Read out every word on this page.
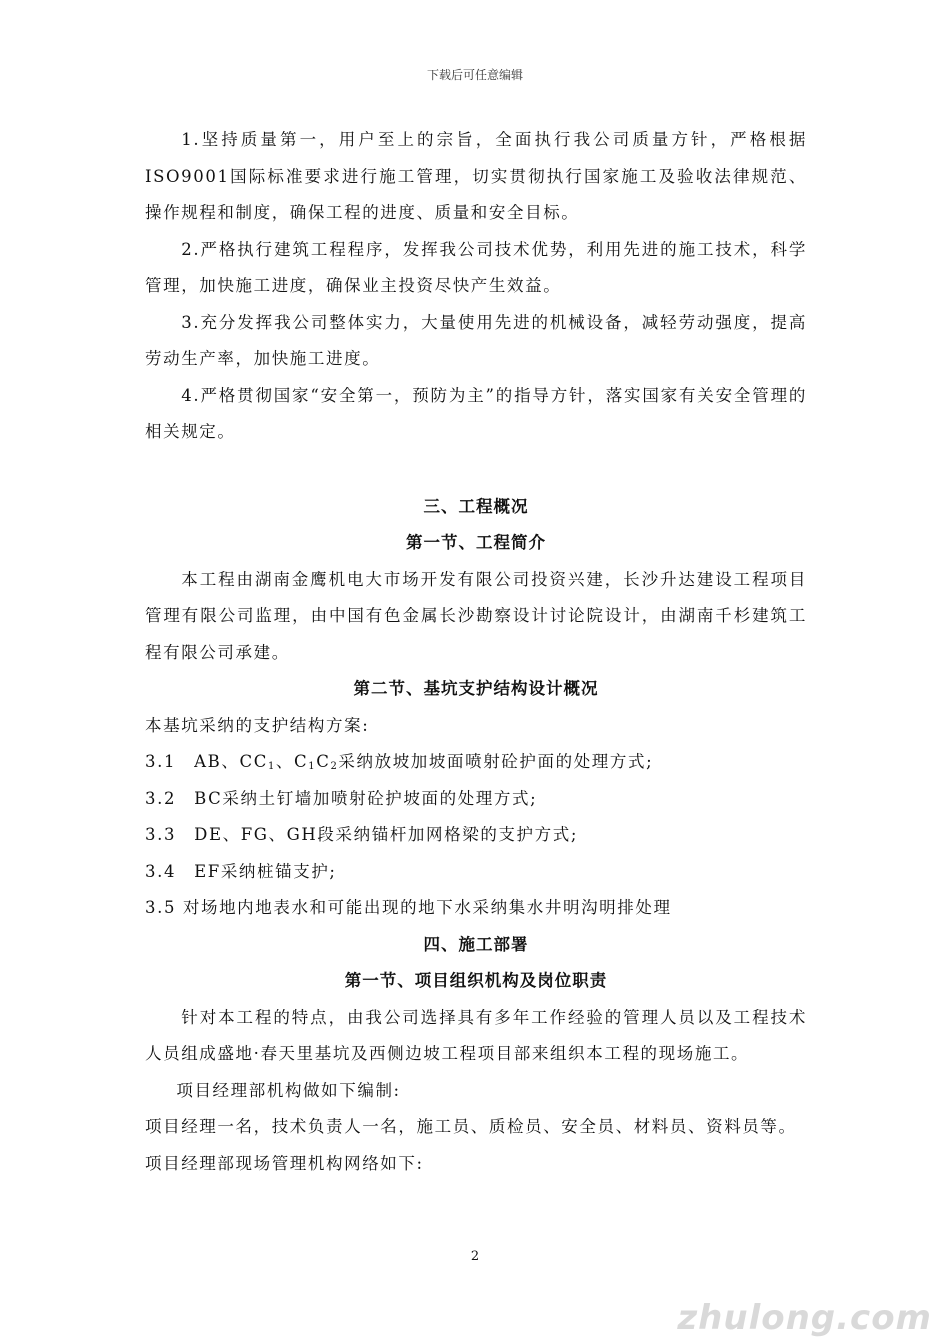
下载后可任意编辑

1.坚持质量第一，用户至上的宗旨，全面执行我公司质量方针，严格根据ISO9001国际标准要求进行施工管理，切实贯彻执行国家施工及验收法律规范、操作规程和制度，确保工程的进度、质量和安全目标。

2.严格执行建筑工程程序，发挥我公司技术优势，利用先进的施工技术，科学管理，加快施工进度，确保业主投资尽快产生效益。

3.充分发挥我公司整体实力，大量使用先进的机械设备，减轻劳动强度，提高劳动生产率，加快施工进度。

4.严格贯彻国家“安全第一，预防为主”的指导方针，落实国家有关安全管理的相关规定。

三、工程概况

第一节、工程简介

本工程由湖南金鹰机电大市场开发有限公司投资兴建，长沙升达建设工程项目管理有限公司监理，由中国有色金属长沙勘察设计讨论院设计，由湖南千杉建筑工程有限公司承建。

第二节、基坑支护结构设计概况

本基坑采纳的支护结构方案:

3.1　AB、$CC_1$、$C_1C_2$采纳放坡加坡面喷射砼护面的处理方式;

3.2　BC采纳土钉墙加喷射砼护坡面的处理方式;

3.3　DE、FG、GH段采纳锚杆加网格梁的支护方式;

3.4　EF采纳桩锚支护;

3.5 对场地内地表水和可能出现的地下水采纳集水井明沟明排处理

四、施工部署

第一节、项目组织机构及岗位职责

针对本工程的特点，由我公司选择具有多年工作经验的管理人员以及工程技术人员组成盛地·春天里基坑及西侧边坡工程项目部来组织本工程的现场施工。

项目经理部机构做如下编制:

项目经理一名，技术负责人一名，施工员、质检员、安全员、材料员、资料员等。

项目经理部现场管理机构网络如下:

2
zhulong.com
